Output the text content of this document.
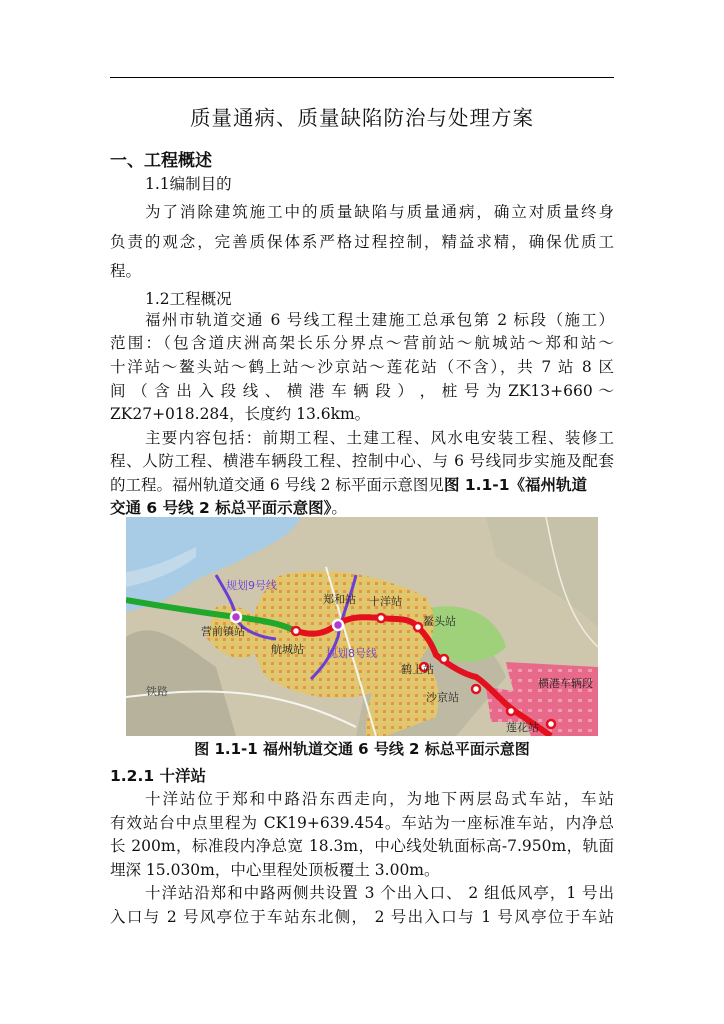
质量通病、质量缺陷防治与处理方案
一、工程概述
1.1编制目的
为了消除建筑施工中的质量缺陷与质量通病，确立对质量终身
负责的观念，完善质保体系严格过程控制，精益求精，确保优质工
程。
1.2工程概况
福州市轨道交通 6 号线工程土建施工总承包第 2 标段（施工）
范围：（包含道庆洲高架长乐分界点～营前站～航城站～郑和站～
十洋站～鳌头站～鹤上站～沙京站～莲花站（不含），共 7 站 8 区
间 （ 含 出 入 段 线 、 横 港 车 辆 段 ） ， 桩 号 为 ZK13+660 ～
ZK27+018.284，长度约 13.6km。
主要内容包括：前期工程、土建工程、风水电安装工程、装修工
程、人防工程、横港车辆段工程、控制中心、与 6 号线同步实施及配套
的工程。福州轨道交通 6 号线 2 标平面示意图见图 1.1-1《福州轨道
交通 6 号线 2 标总平面示意图》。
规划9号线
郑和站 十洋站
营前镇站
鳌头站
航城站 规划8号线
鹤上站
沙京站
横港车辆段
莲花站
铁路
图 1.1-1 福州轨道交通 6 号线 2 标总平面示意图
1.2.1 十洋站
十洋站位于郑和中路沿东西走向，为地下两层岛式车站，车站
有效站台中点里程为 CK19+639.454。车站为一座标准车站，内净总
长 200m，标准段内净总宽 18.3m，中心线处轨面标高-7.950m，轨面
埋深 15.030m，中心里程处顶板覆土 3.00m。
十洋站沿郑和中路两侧共设置 3 个出入口、 2 组低风亭，1 号出
入口与 2 号风亭位于车站东北侧， 2 号出入口与 1 号风亭位于车站
